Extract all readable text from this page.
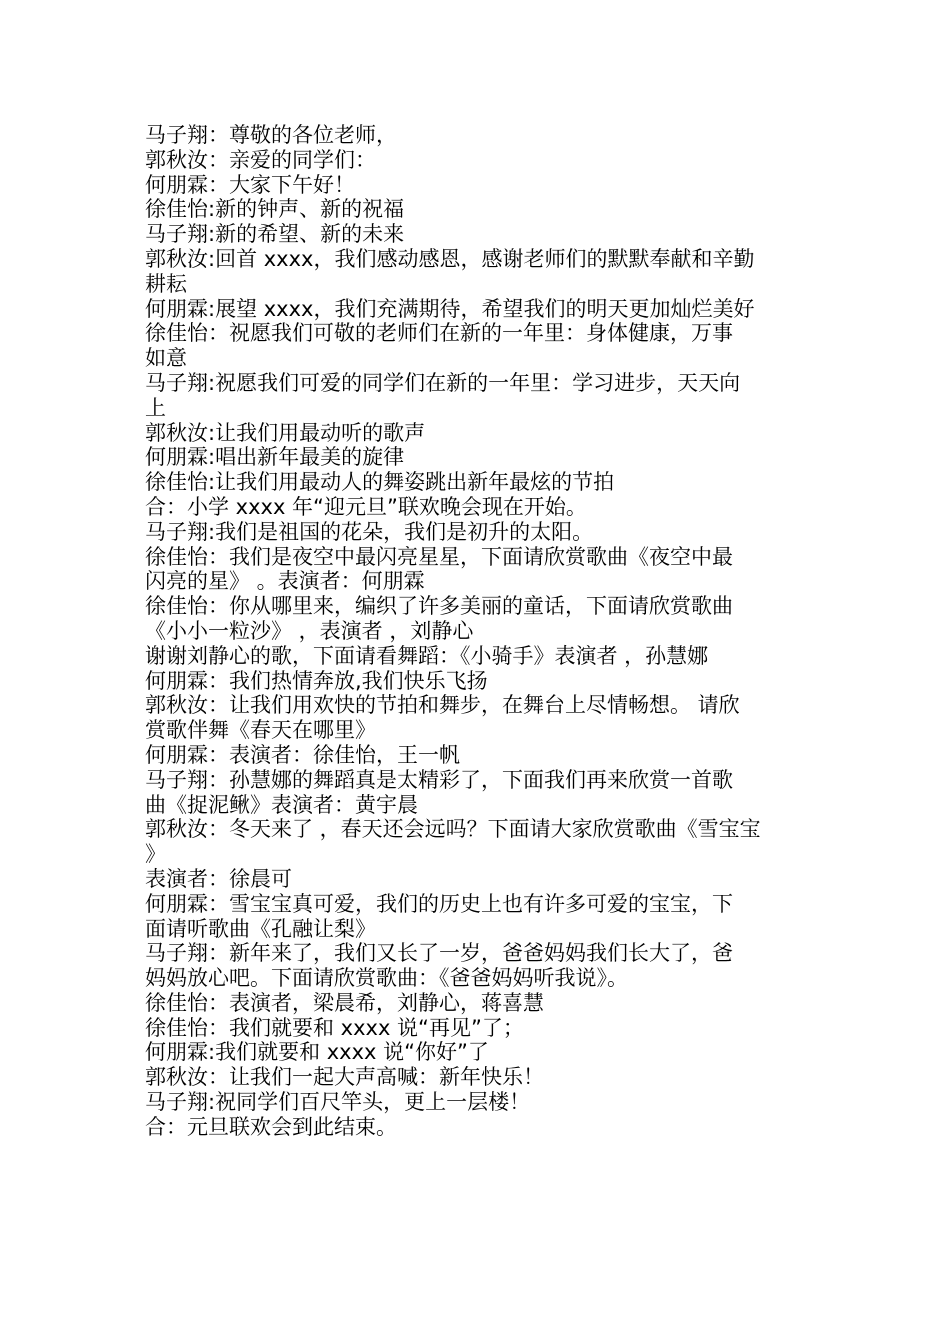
马子翔：尊敬的各位老师，
郭秋汝：亲爱的同学们：
何朋霖：大家下午好！
徐佳怡:新的钟声、新的祝福
马子翔:新的希望、新的未来
郭秋汝:回首 xxxx，我们感动感恩，感谢老师们的默默奉献和辛勤
耕耘
何朋霖:展望 xxxx，我们充满期待，希望我们的明天更加灿烂美好
徐佳怡：祝愿我们可敬的老师们在新的一年里：身体健康，万事
如意
马子翔:祝愿我们可爱的同学们在新的一年里：学习进步，天天向
上
郭秋汝:让我们用最动听的歌声
何朋霖:唱出新年最美的旋律
徐佳怡:让我们用最动人的舞姿跳出新年最炫的节拍
合：小学 xxxx 年“迎元旦”联欢晚会现在开始。
马子翔:我们是祖国的花朵，我们是初升的太阳。
徐佳怡：我们是夜空中最闪亮星星，下面请欣赏歌曲《夜空中最
闪亮的星》 。表演者：何朋霖
徐佳怡：你从哪里来，编织了许多美丽的童话，下面请欣赏歌曲
《小小一粒沙》 ，表演者 ，刘静心
谢谢刘静心的歌，下面请看舞蹈：《小骑手》表演者 ，孙慧娜
何朋霖：我们热情奔放,我们快乐飞扬
郭秋汝：让我们用欢快的节拍和舞步，在舞台上尽情畅想。 请欣
赏歌伴舞《春天在哪里》
何朋霖：表演者：徐佳怡，王一帆
马子翔：孙慧娜的舞蹈真是太精彩了，下面我们再来欣赏一首歌
曲《捉泥鳅》表演者：黄宇晨
郭秋汝：冬天来了 ，春天还会远吗？下面请大家欣赏歌曲《雪宝宝
》
表演者：徐晨可
何朋霖：雪宝宝真可爱，我们的历史上也有许多可爱的宝宝，下
面请听歌曲《孔融让梨》
马子翔：新年来了，我们又长了一岁，爸爸妈妈我们长大了，爸
妈妈放心吧。下面请欣赏歌曲：《爸爸妈妈听我说》。
徐佳怡：表演者，梁晨希，刘静心，蒋喜慧
徐佳怡：我们就要和 xxxx 说“再见”了；
何朋霖:我们就要和 xxxx 说“你好”了
郭秋汝：让我们一起大声高喊：新年快乐！
马子翔:祝同学们百尺竿头，更上一层楼！
合：元旦联欢会到此结束。
